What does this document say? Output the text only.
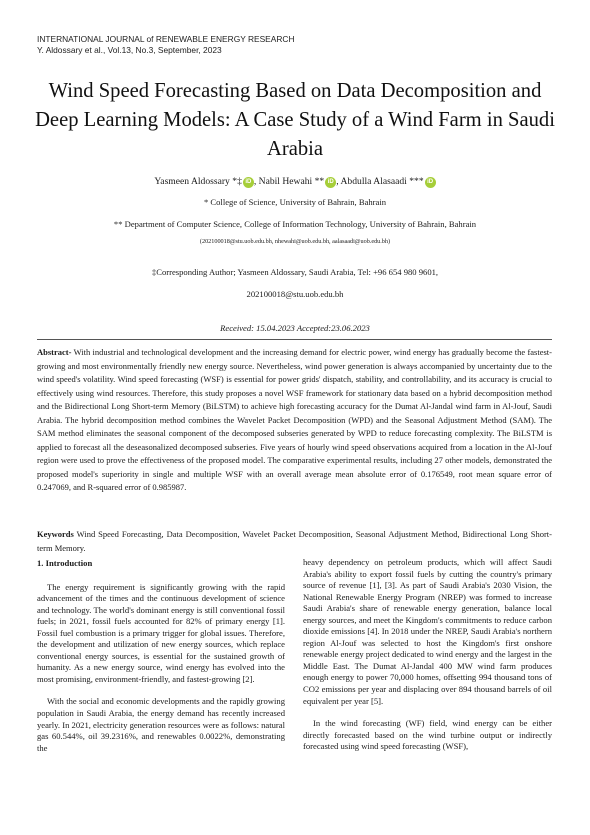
INTERNATIONAL JOURNAL of RENEWABLE ENERGY RESEARCH
Y. Aldossary et al., Vol.13, No.3, September, 2023
Wind Speed Forecasting Based on Data Decomposition and Deep Learning Models: A Case Study of a Wind Farm in Saudi Arabia
Yasmeen Aldossary *‡ iD , Nabil Hewahi ** iD , Abdulla Alasaadi *** iD
* College of Science, University of Bahrain, Bahrain
** Department of Computer Science, College of Information Technology, University of Bahrain, Bahrain
(202100018@stu.uob.edu.bh, nhewahi@uob.edu.bh, aalasaadi@uob.edu.bh)
‡Corresponding Author; Yasmeen Aldossary, Saudi Arabia, Tel: +96 654 980 9601,
202100018@stu.uob.edu.bh
Received: 15.04.2023 Accepted:23.06.2023
Abstract- With industrial and technological development and the increasing demand for electric power, wind energy has gradually become the fastest-growing and most environmentally friendly new energy source. Nevertheless, wind power generation is always accompanied by uncertainty due to the wind speed's volatility. Wind speed forecasting (WSF) is essential for power grids' dispatch, stability, and controllability, and its accuracy is crucial to effectively using wind resources. Therefore, this study proposes a novel WSF framework for stationary data based on a hybrid decomposition method and the Bidirectional Long Short-term Memory (BiLSTM) to achieve high forecasting accuracy for the Dumat Al-Jandal wind farm in Al-Jouf, Saudi Arabia. The hybrid decomposition method combines the Wavelet Packet Decomposition (WPD) and the Seasonal Adjustment Method (SAM). The SAM method eliminates the seasonal component of the decomposed subseries generated by WPD to reduce forecasting complexity. The BiLSTM is applied to forecast all the deseasonalized decomposed subseries. Five years of hourly wind speed observations acquired from a location in the Al-Jouf region were used to prove the effectiveness of the proposed model. The comparative experimental results, including 27 other models, demonstrated the proposed model's superiority in single and multiple WSF with an overall average mean absolute error of 0.176549, root mean square error of 0.247069, and R-squared error of 0.985987.
Keywords Wind Speed Forecasting, Data Decomposition, Wavelet Packet Decomposition, Seasonal Adjustment Method, Bidirectional Long Short-term Memory.
1. Introduction

The energy requirement is significantly growing with the rapid advancement of the times and the continuous development of science and technology. The world's dominant energy is still conventional fossil fuels; in 2021, fossil fuels accounted for 82% of primary energy [1]. Fossil fuel combustion is a primary trigger for global issues. Therefore, the development and utilization of new energy sources, which replace conventional energy sources, is essential for the sustained growth of humanity. As a new energy source, wind energy has evolved into the most promising, environment-friendly, and fastest-growing [2].

With the social and economic developments and the rapidly growing population in Saudi Arabia, the energy demand has recently increased yearly. In 2021, electricity generation resources were as follows: natural gas 60.544%, oil 39.2316%, and renewables 0.0022%, demonstrating the

heavy dependency on petroleum products, which will affect Saudi Arabia's ability to export fossil fuels by cutting the country's primary source of revenue [1], [3]. As part of Saudi Arabia's 2030 Vision, the National Renewable Energy Program (NREP) was formed to increase Saudi Arabia's share of renewable energy generation, balance local energy sources, and meet the Kingdom's commitments to reduce carbon dioxide emissions [4]. In 2018 under the NREP, Saudi Arabia's northern region Al-Jouf was selected to host the Kingdom's first onshore renewable energy project dedicated to wind energy and the largest in the Middle East. The Dumat Al-Jandal 400 MW wind farm produces enough energy to power 70,000 homes, offsetting 994 thousand tons of CO2 emissions per year and displacing over 894 thousand barrels of oil equivalent per year [5].

In the wind forecasting (WF) field, wind energy can be either directly forecasted based on the wind turbine output or indirectly forecasted using wind speed forecasting (WSF),
